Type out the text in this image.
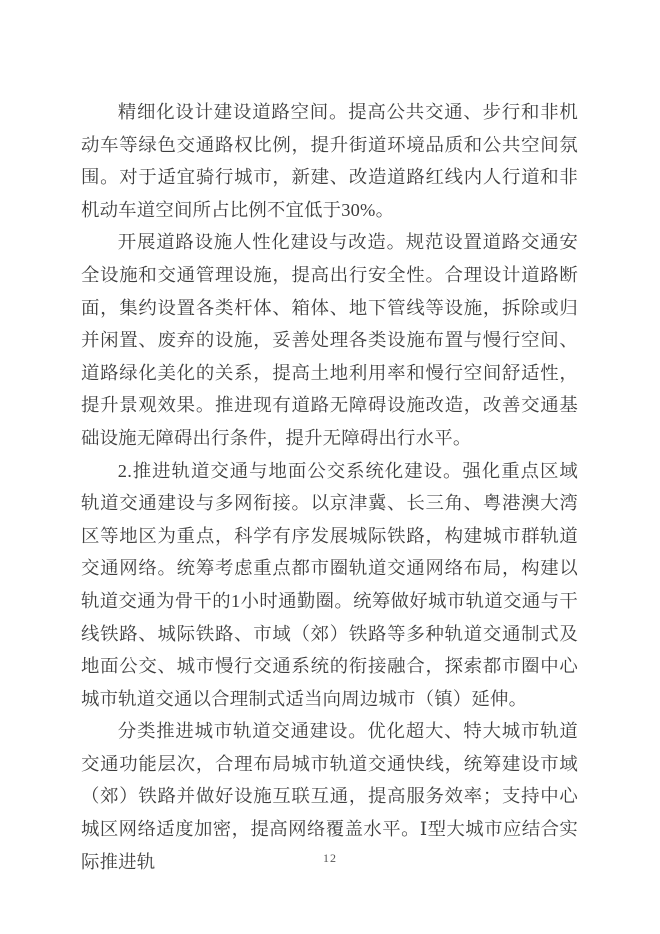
精细化设计建设道路空间。提高公共交通、步行和非机动车等绿色交通路权比例，提升街道环境品质和公共空间氛围。对于适宜骑行城市，新建、改造道路红线内人行道和非机动车道空间所占比例不宜低于30%。

开展道路设施人性化建设与改造。规范设置道路交通安全设施和交通管理设施，提高出行安全性。合理设计道路断面，集约设置各类杆体、箱体、地下管线等设施，拆除或归并闲置、废弃的设施，妥善处理各类设施布置与慢行空间、道路绿化美化的关系，提高土地利用率和慢行空间舒适性，提升景观效果。推进现有道路无障碍设施改造，改善交通基础设施无障碍出行条件，提升无障碍出行水平。

2.推进轨道交通与地面公交系统化建设。强化重点区域轨道交通建设与多网衔接。以京津冀、长三角、粤港澳大湾区等地区为重点，科学有序发展城际铁路，构建城市群轨道交通网络。统筹考虑重点都市圈轨道交通网络布局，构建以轨道交通为骨干的1小时通勤圈。统筹做好城市轨道交通与干线铁路、城际铁路、市域（郊）铁路等多种轨道交通制式及地面公交、城市慢行交通系统的衔接融合，探索都市圈中心城市轨道交通以合理制式适当向周边城市（镇）延伸。

分类推进城市轨道交通建设。优化超大、特大城市轨道交通功能层次，合理布局城市轨道交通快线，统筹建设市域（郊）铁路并做好设施互联互通，提高服务效率；支持中心城区网络适度加密，提高网络覆盖水平。Ⅰ型大城市应结合实际推进轨	12
